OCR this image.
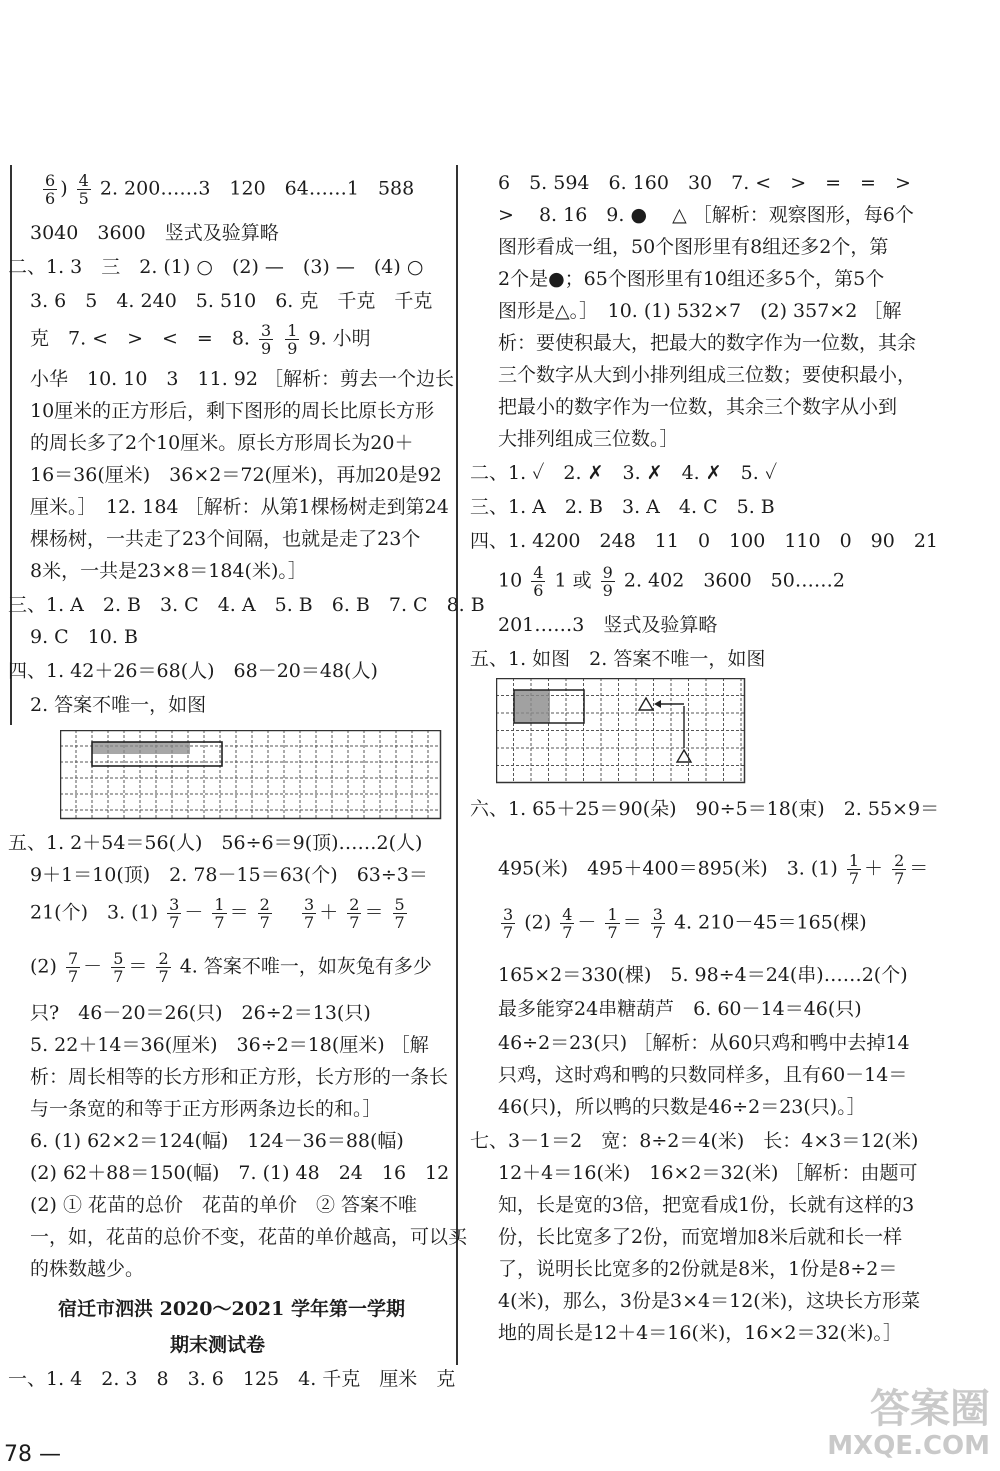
$\frac{6}{6}$ ) $\frac{4}{5} 2$. 200……3　120　64……1　588
3040　3600　竖式及验算略
二、1. 3　三　2. (1) ○　(2) —　(3) —　(4) ○
3. 6　5　4. 240　5. 510　6. 克　千克　千克
克　7. <　>　<　=　8. $\frac{3}{9}$
$\frac{1}{9} 9$. 小明
小华　10. 10　3　11. 92 ［解析：剪去一个边长
10厘米的正方形后，剩下图形的周长比原长方形
的周长多了2个10厘米。原长方形周长为20＋
16＝36(厘米)　36×2＝72(厘米)，再加20是92
厘米。］　12. 184 ［解析：从第1棵杨树走到第24
棵杨树，一共走了23个间隔，也就是走了23个
8米，一共是23×8＝184(米)。］
三、1. A　2. B　3. C　4. A　5. B　6. B　7. C　8. B
9. C　10. B
四、1. 42＋26＝68(人)　68－20＝48(人)
2. 答案不唯一，如图
五、1. 2＋54＝56(人)　56÷6＝9(顶)……2(人)
9＋1＝10(顶)　2. 78－15＝63(个)　63÷3＝
21(个)　3. $(1) \frac{3}{7} - \frac{1}{7} = \frac{2}{7}$
$\frac{3}{7} + \frac{2}{7} = \frac{5}{7}$
$(2) \frac{7}{7} - \frac{5}{7} = \frac{2}{7} 4$. 答案不唯一，如灰兔有多少
只?　46－20＝26(只)　26÷2＝13(只)
5. 22＋14＝36(厘米)　36÷2＝18(厘米) ［解
析：周长相等的长方形和正方形，长方形的一条长
与一条宽的和等于正方形两条边长的和。］
6. (1) 62×2＝124(幅)　124－36＝88(幅)
(2) 62＋88＝150(幅)　7. (1) 48　24　16　12
(2) ① 花苗的总价　花苗的单价　② 答案不唯
一，如，花苗的总价不变，花苗的单价越高，可以买
的株数越少。
宿迁市泗洪 2020～2021 学年第一学期
期末测试卷
一、1. 4　2. 3　8　3. 6　125　4. 千克　厘米　克
6　5. 594　6. 160　30　7. <　>　=　=　>
> 　8. 16　9. ● 　△ ［解析：观察图形，每6个
图形看成一组，50个图形里有8组还多2个，第
2个是●；65个图形里有10组还多5个，第5个
图形是△。］　10. (1) 532×7　(2) 357×2 ［解
析：要使积最大，把最大的数字作为一位数，其余
三个数字从大到小排列组成三位数；要使积最小，
把最小的数字作为一位数，其余三个数字从小到
大排列组成三位数。］
二、1. ✓　2. ✗　3. ✗　4. ✗　5. ✓
三、1. A　2. B　3. A　4. C　5. B
四、1. 4200　248　11　0　100　110　0　90　21
$10 \frac{4}{6} 1$ 或 $\frac{9}{9} 2$. 402　3600　50……2
201……3　竖式及验算略
五、1. 如图　2. 答案不唯一，如图
六、1. 65＋25＝90(朵)　90÷5＝18(束)　2. 55×9＝
495(米)　495＋400＝895(米)　3. $(1) \frac{1}{7} + \frac{2}{7}$ ＝
$\frac{3}{7} (2) \frac{4}{7} - \frac{1}{7} = \frac{3}{7} 4$. 210－45＝165(棵)
165×2＝330(棵)　5. 98÷4＝24(串)……2(个)
最多能穿24串糖葫芦　6. 60－14＝46(只)
46÷2＝23(只) ［解析：从60只鸡和鸭中去掉14
只鸡，这时鸡和鸭的只数同样多，且有60－14＝
46(只)，所以鸭的只数是46÷2＝23(只)。］
七、3－1＝2　宽：8÷2＝4(米)　长：4×3＝12(米)
12＋4＝16(米)　16×2＝32(米) ［解析：由题可
知，长是宽的3倍，把宽看成1份，长就有这样的3
份，长比宽多了2份，而宽增加8米后就和长一样
了，说明长比宽多的2份就是8米，1份是8÷2＝
4(米)，那么，3份是3×4＝12(米)，这块长方形菜
地的周长是12＋4＝16(米)，16×2＝32(米)。］
78 —
答案圈
MXQE.COM
